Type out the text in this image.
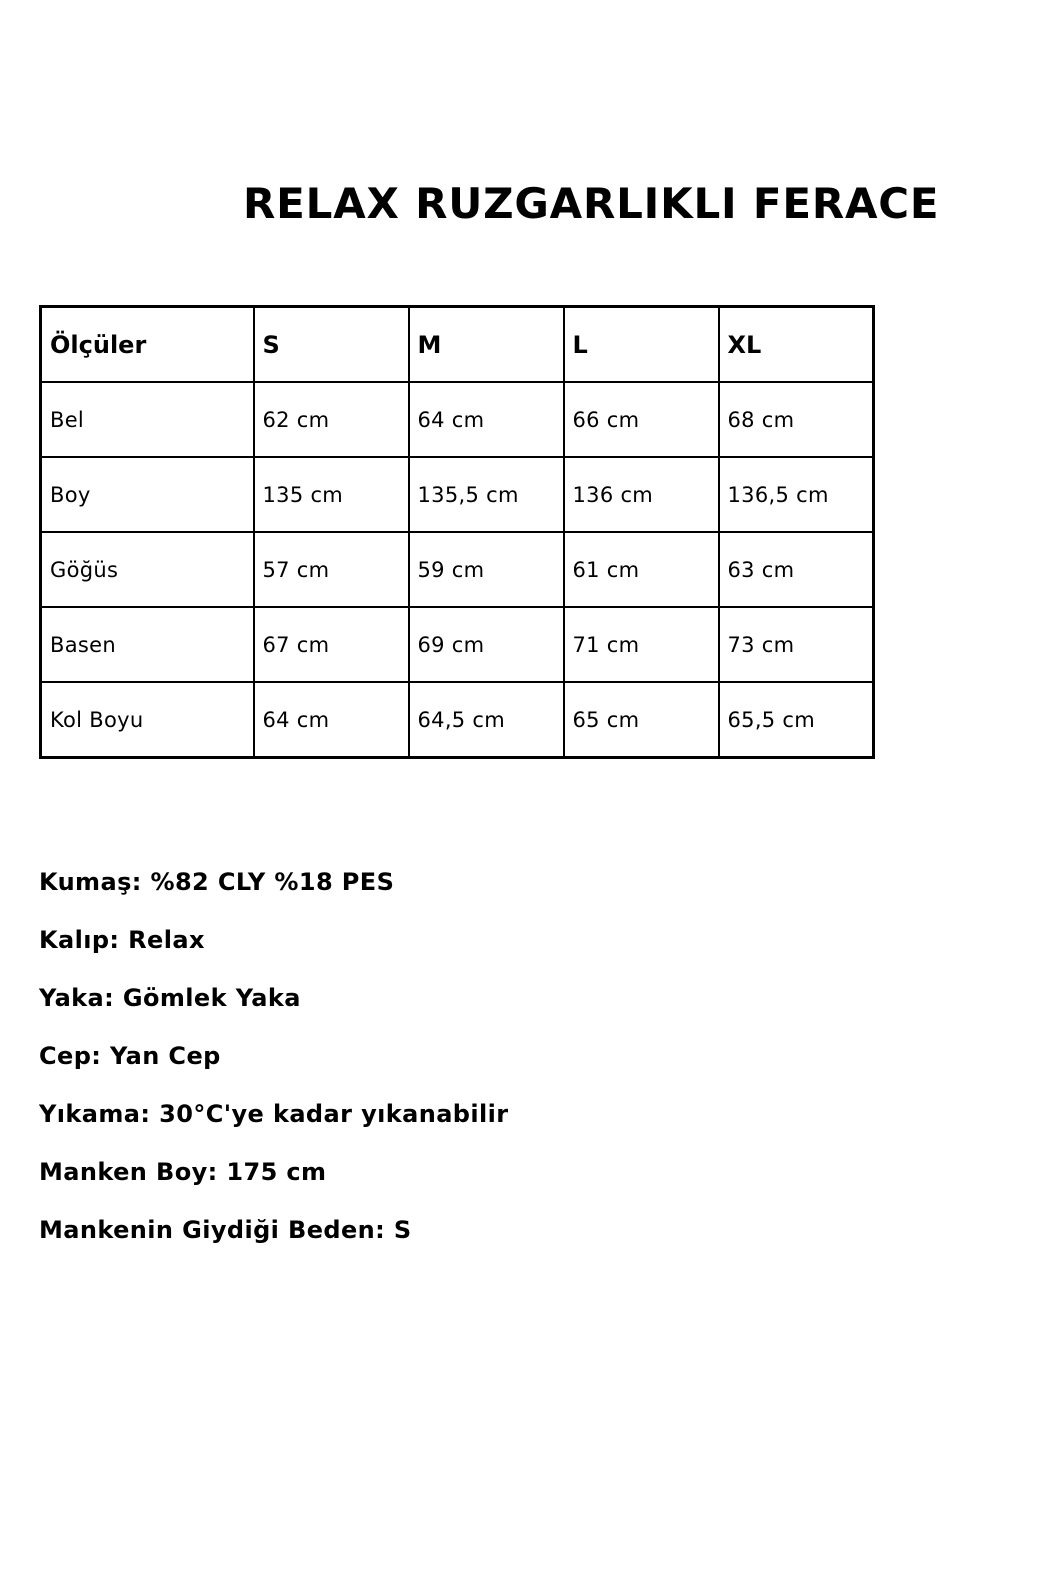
RELAX RUZGARLIKLI FERACE
Ölçüler	S	M	L	XL
Bel	62 cm	64 cm	66 cm	68 cm
Boy	135 cm	135,5 cm	136 cm	136,5 cm
Göğüs	57 cm	59 cm	61 cm	63 cm
Basen	67 cm	69 cm	71 cm	73 cm
Kol Boyu	64 cm	64,5 cm	65 cm	65,5 cm
Kumaş: %82 CLY %18 PES
Kalıp: Relax
Yaka: Gömlek Yaka
Cep: Yan Cep
Yıkama: 30°C'ye kadar yıkanabilir
Manken Boy: 175 cm
Mankenin Giydiği Beden: S
